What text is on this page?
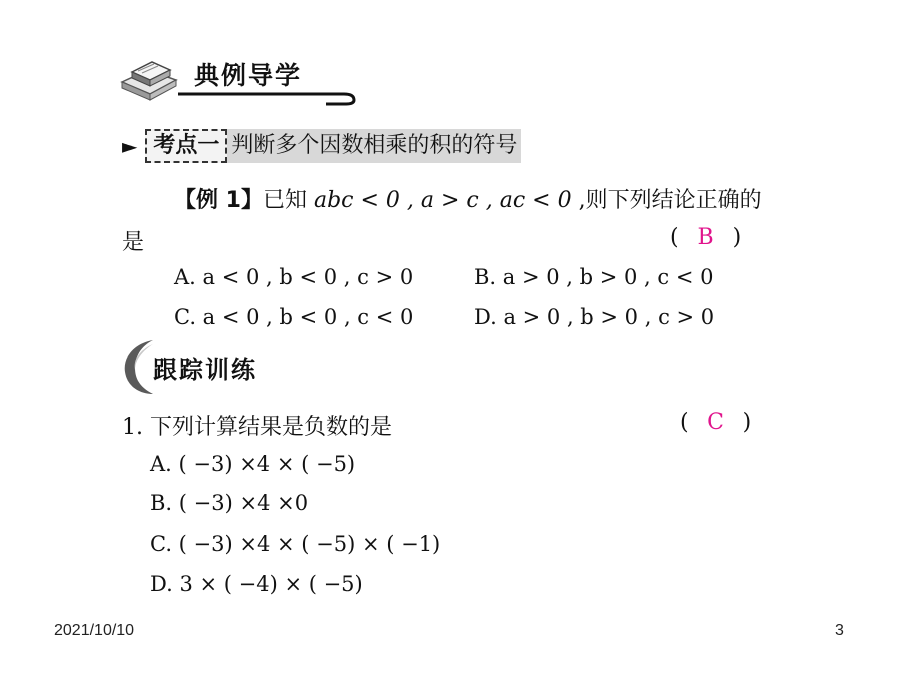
典例导学
► 考点一 判断多个因数相乘的积的符号
【例 1】已知 abc < 0 , a > c , ac < 0 ,则下列结论正确的
是	( B )
A. a < 0 , b < 0 , c > 0	B. a > 0 , b > 0 , c < 0
C. a < 0 , b < 0 , c < 0	D. a > 0 , b > 0 , c > 0
跟踪训练
1. 下列计算结果是负数的是	( C )
A. ( −3) ×4 × ( −5)
B. ( −3) ×4 ×0
C. ( −3) ×4 × ( −5) × ( −1)
D. 3 × ( −4) × ( −5)
2021/10/10	3
